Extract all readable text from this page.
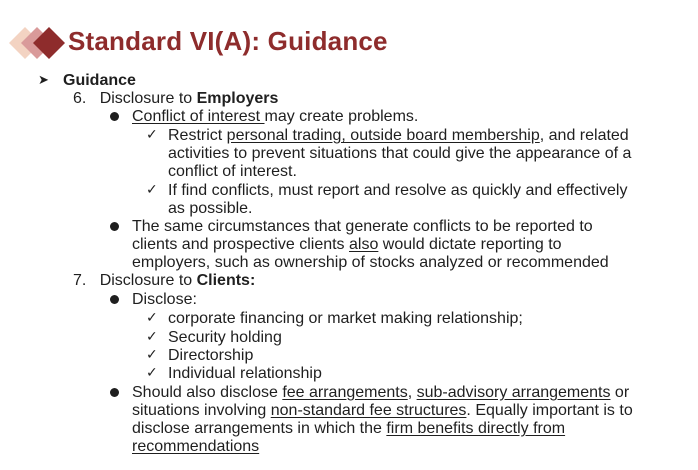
Standard VI(A): Guidance
➤ Guidance
6. Disclosure to Employers
Conflict of interest may create problems.
✓ Restrict personal trading, outside board membership, and related
activities to prevent situations that could give the appearance of a
conflict of interest.
✓ If find conflicts, must report and resolve as quickly and effectively
as possible.
The same circumstances that generate conflicts to be reported to
clients and prospective clients also would dictate reporting to
employers, such as ownership of stocks analyzed or recommended
7. Disclosure to Clients:
Disclose:
✓ corporate financing or market making relationship;
✓ Security holding
✓ Directorship
✓ Individual relationship
Should also disclose fee arrangements, sub-advisory arrangements or
situations involving non-standard fee structures. Equally important is to
disclose arrangements in which the firm benefits directly from
recommendations
